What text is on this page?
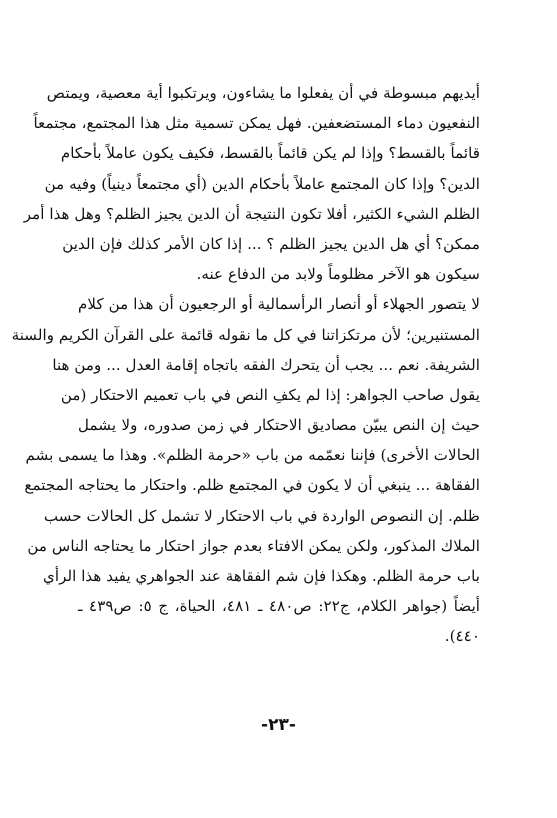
أيديهم مبسوطة في أن يفعلوا ما يشاءون، ويرتكبوا أية معصية، ويمتص
النفعيون دماء المستضعفين. فهل يمكن تسمية مثل هذا المجتمع، مجتمعاً
قائماً بالقسط؟ وإذا لم يكن قائماً بالقسط، فكيف يكون عاملاً بأحكام
الدين؟ وإذا كان المجتمع عاملاً بأحكام الدين (أي مجتمعاً دينياً) وفيه من
الظلم الشيء الكثير، أفلا تكون النتيجة أن الدين يجيز الظلم؟ وهل هذا أمر
ممكن؟ أي هل الدين يجيز الظلم ؟ ... إذا كان الأمر كذلك فإن الدين
سيكون هو الآخر مظلوماً ولابد من الدفاع عنه.
لا يتصور الجهلاء أو أنصار الرأسمالية أو الرجعيون أن هذا من كلام
المستنيرين؛ لأن مرتكزاتنا في كل ما نقوله قائمة على القرآن الكريم والسنة
الشريفة. نعم ... يجب أن يتحرك الفقه باتجاه إقامة العدل ... ومن هنا
يقول صاحب الجواهر: إذا لم يكفِ النص في باب تعميم الاحتكار (من
حيث إن النص يبيّن مصاديق الاحتكار في زمن صدوره، ولا يشمل
الحالات الأخرى) فإننا نعمّمه من باب «حرمة الظلم». وهذا ما يسمى بشم
الفقاهة ... ينبغي أن لا يكون في المجتمع ظلم. واحتكار ما يحتاجه المجتمع
ظلم. إن النصوص الواردة في باب الاحتكار لا تشمل كل الحالات حسب
الملاك المذكور، ولكن يمكن الافتاء بعدم جواز احتكار ما يحتاجه الناس من
باب حرمة الظلم. وهكذا فإن شم الفقاهة عند الجواهري يفيد هذا الرأي
أيضاً (جواهر الكلام، ج٢٢: ص٤٨٠ ـ ٤٨١، الحياة، ج ٥: ص٤٣٩ ـ
٤٤٠).
-٢٣-
